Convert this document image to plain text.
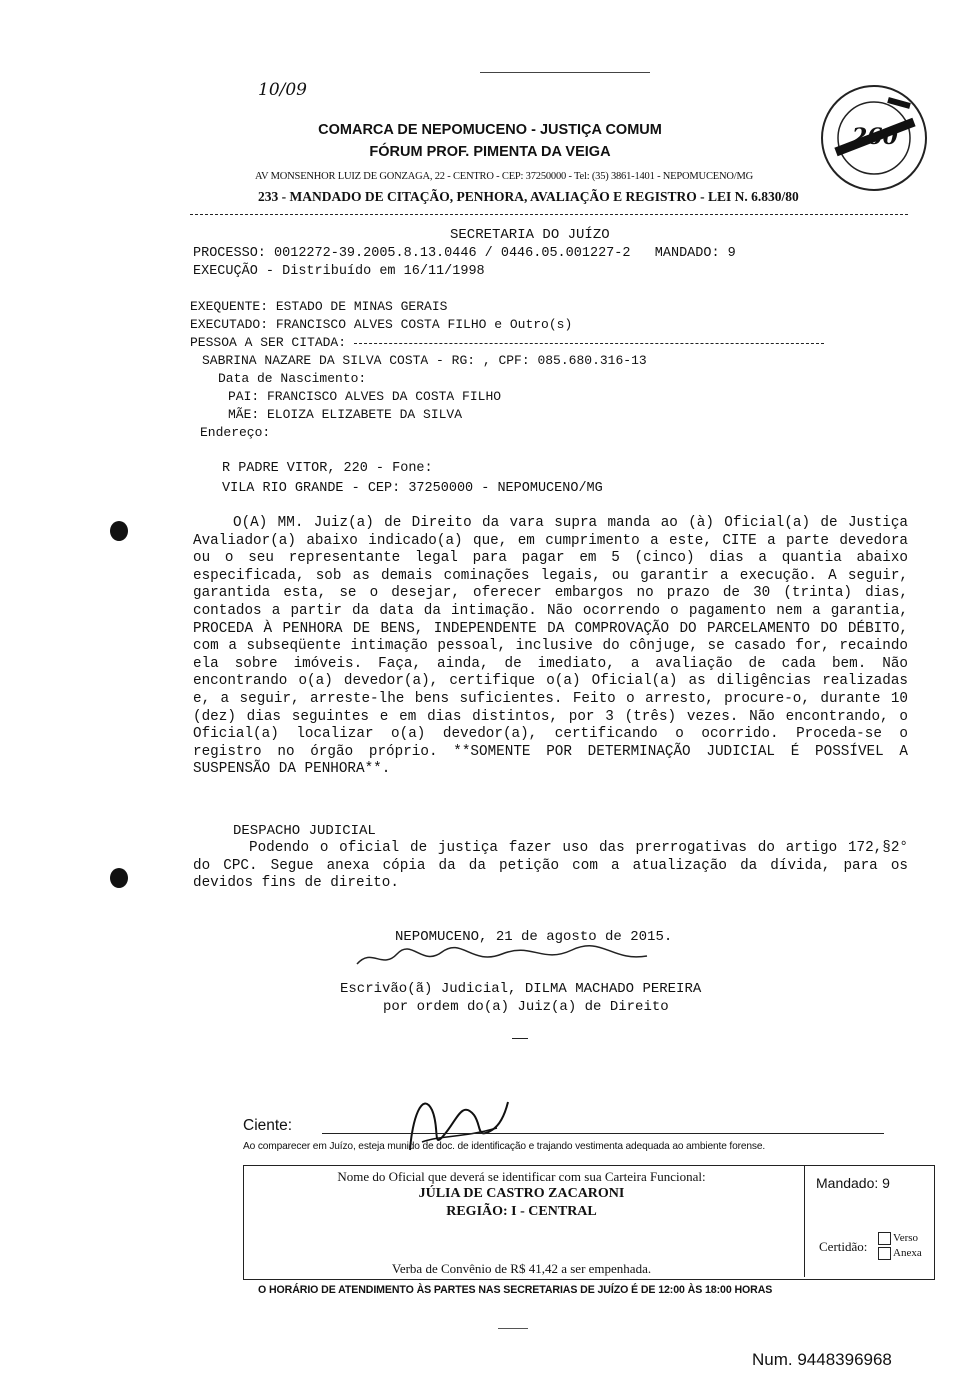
10/09
COMARCA DE NEPOMUCENO - JUSTIÇA COMUM
FÓRUM PROF. PIMENTA DA VEIGA
AV MONSENHOR LUIZ DE GONZAGA, 22 - CENTRO - CEP: 37250000 - Tel: (35) 3861-1401 - NEPOMUCENO/MG
233 - MANDADO DE CITAÇÃO, PENHORA, AVALIAÇÃO E REGISTRO - LEI N. 6.830/80
260
SECRETARIA DO JUÍZO
PROCESSO: 0012272-39.2005.8.13.0446 / 0446.05.001227-2   MANDADO: 9
EXECUÇÃO - Distribuído em 16/11/1998
EXEQUENTE: ESTADO DE MINAS GERAIS
EXECUTADO: FRANCISCO ALVES COSTA FILHO e Outro(s)
PESSOA A SER CITADA:
SABRINA NAZARE DA SILVA COSTA - RG: , CPF: 085.680.316-13
Data de Nascimento:
PAI: FRANCISCO ALVES DA COSTA FILHO
MÃE: ELOIZA ELIZABETE DA SILVA
Endereço:
R PADRE VITOR, 220 - Fone:
VILA RIO GRANDE - CEP: 37250000 - NEPOMUCENO/MG
O(A) MM. Juiz(a) de Direito da vara supra manda ao (à) Oficial(a) de Justiça Avaliador(a) abaixo indicado(a) que, em cumprimento a este, CITE a parte devedora ou o seu representante legal para pagar em 5 (cinco) dias a quantia abaixo especificada, sob as demais cominações legais, ou garantir a execução. A seguir, garantida esta, se o desejar, oferecer embargos no prazo de 30 (trinta) dias, contados a partir da data da intimação. Não ocorrendo o pagamento nem a garantia, PROCEDA À PENHORA DE BENS, INDEPENDENTE DA COMPROVAÇÃO DO PARCELAMENTO DO DÉBITO, com a subseqüente intimação pessoal, inclusive do cônjuge, se casado for, recaindo ela sobre imóveis. Faça, ainda, de imediato, a avaliação de cada bem. Não encontrando o(a) devedor(a), certifique o(a) Oficial(a) as diligências realizadas e, a seguir, arreste-lhe bens suficientes. Feito o arresto, procure-o, durante 10 (dez) dias seguintes e em dias distintos, por 3 (três) vezes. Não encontrando, o Oficial(a) localizar o(a) devedor(a), certificando o ocorrido. Proceda-se o registro no órgão próprio. **SOMENTE POR DETERMINAÇÃO JUDICIAL É POSSÍVEL A SUSPENSÃO DA PENHORA**.
DESPACHO JUDICIAL
Podendo o oficial de justiça fazer uso das prerrogativas do artigo 172,§2° do CPC. Segue anexa cópia da da petição com a atualização da dívida, para os devidos fins de direito.
NEPOMUCENO, 21 de agosto de 2015.
Escrivão(ã) Judicial, DILMA MACHADO PEREIRA
por ordem do(a) Juiz(a) de Direito
Ciente:
Ao comparecer em Juízo, esteja munido de doc. de identificação e trajando vestimenta adequada ao ambiente forense.
Nome do Oficial que deverá se identificar com sua Carteira Funcional:
JÚLIA DE CASTRO ZACARONI
REGIÃO: I - CENTRAL
Verba de Convênio de R$ 41,42 a ser empenhada.
Mandado: 9
Certidão:
Verso
Anexa
O HORÁRIO DE ATENDIMENTO ÀS PARTES NAS SECRETARIAS DE JUÍZO É DE 12:00 ÀS 18:00 HORAS
Num. 9448396968
